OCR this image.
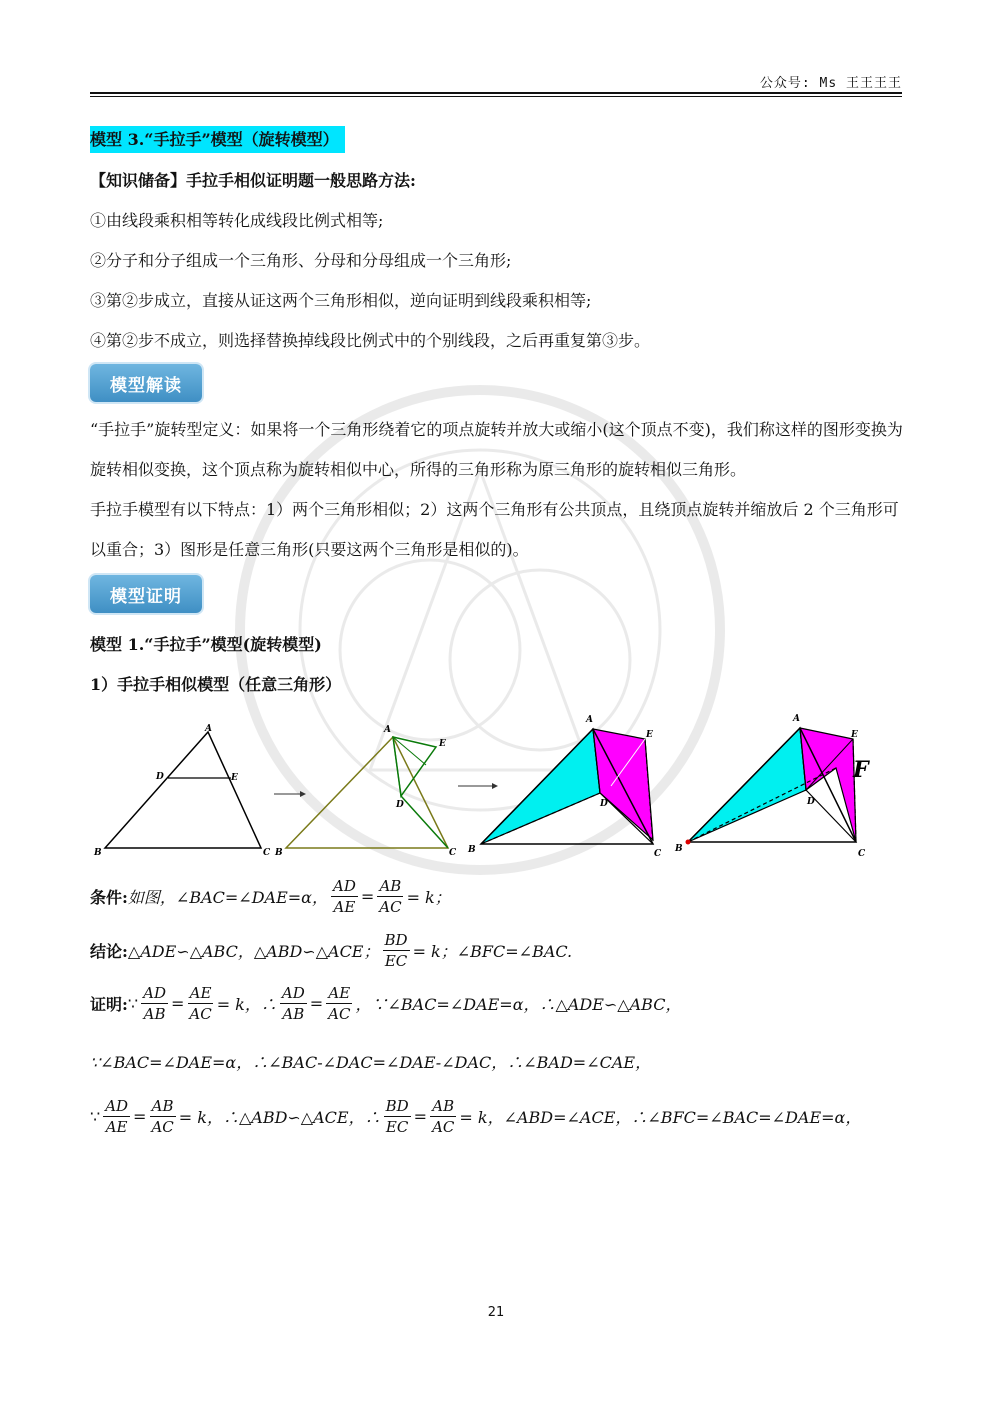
公众号: Ms 王王王王
模型 3.“手拉手”模型（旋转模型）
【知识储备】手拉手相似证明题一般思路方法:
①由线段乘积相等转化成线段比例式相等;
②分子和分子组成一个三角形、分母和分母组成一个三角形;
③第②步成立，直接从证这两个三角形相似，逆向证明到线段乘积相等;
④第②步不成立，则选择替换掉线段比例式中的个别线段，之后再重复第③步。
模型解读
“手拉手”旋转型定义：如果将一个三角形绕着它的项点旋转并放大或缩小(这个顶点不变)，我们称这样的图形变换为旋转相似变换，这个顶点称为旋转相似中心，所得的三角形称为原三角形的旋转相似三角形。
手拉手模型有以下特点：1）两个三角形相似；2）这两个三角形有公共顶点，且绕顶点旋转并缩放后 2 个三角形可以重合；3）图形是任意三角形(只要这两个三角形是相似的)。
模型证明
模型 1.“手拉手”模型(旋转模型)
1）手拉手相似模型（任意三角形）
A
B	C
D	E
A
B	C
D
E
A
B	C
D
E
A
B	C
D
E
F
条件: 如图，∠BAC=∠DAE=α， $\frac{AD}{AE} = \frac{AB}{AC} = k$；
结论: △ADE∽△ABC，△ABD∽△ACE； $\frac{BD}{EC} = k$；∠BFC=∠BAC.
证明: ∵ $\frac{AD}{AB} = \frac{AE}{AC} = k$，∴ $\frac{AD}{AB} = \frac{AE}{AC}$ ，∵∠BAC=∠DAE=α，∴△ADE∽△ABC，
∵∠BAC=∠DAE=α，∴∠BAC-∠DAC=∠DAE-∠DAC，∴∠BAD=∠CAE，
∵ $\frac{AD}{AE} = \frac{AB}{AC} = k$，∴△ABD∽△ACE，∴ $\frac{BD}{EC} = \frac{AB}{AC} = k$，∠ABD=∠ACE，∴∠BFC=∠BAC=∠DAE=α，
21
